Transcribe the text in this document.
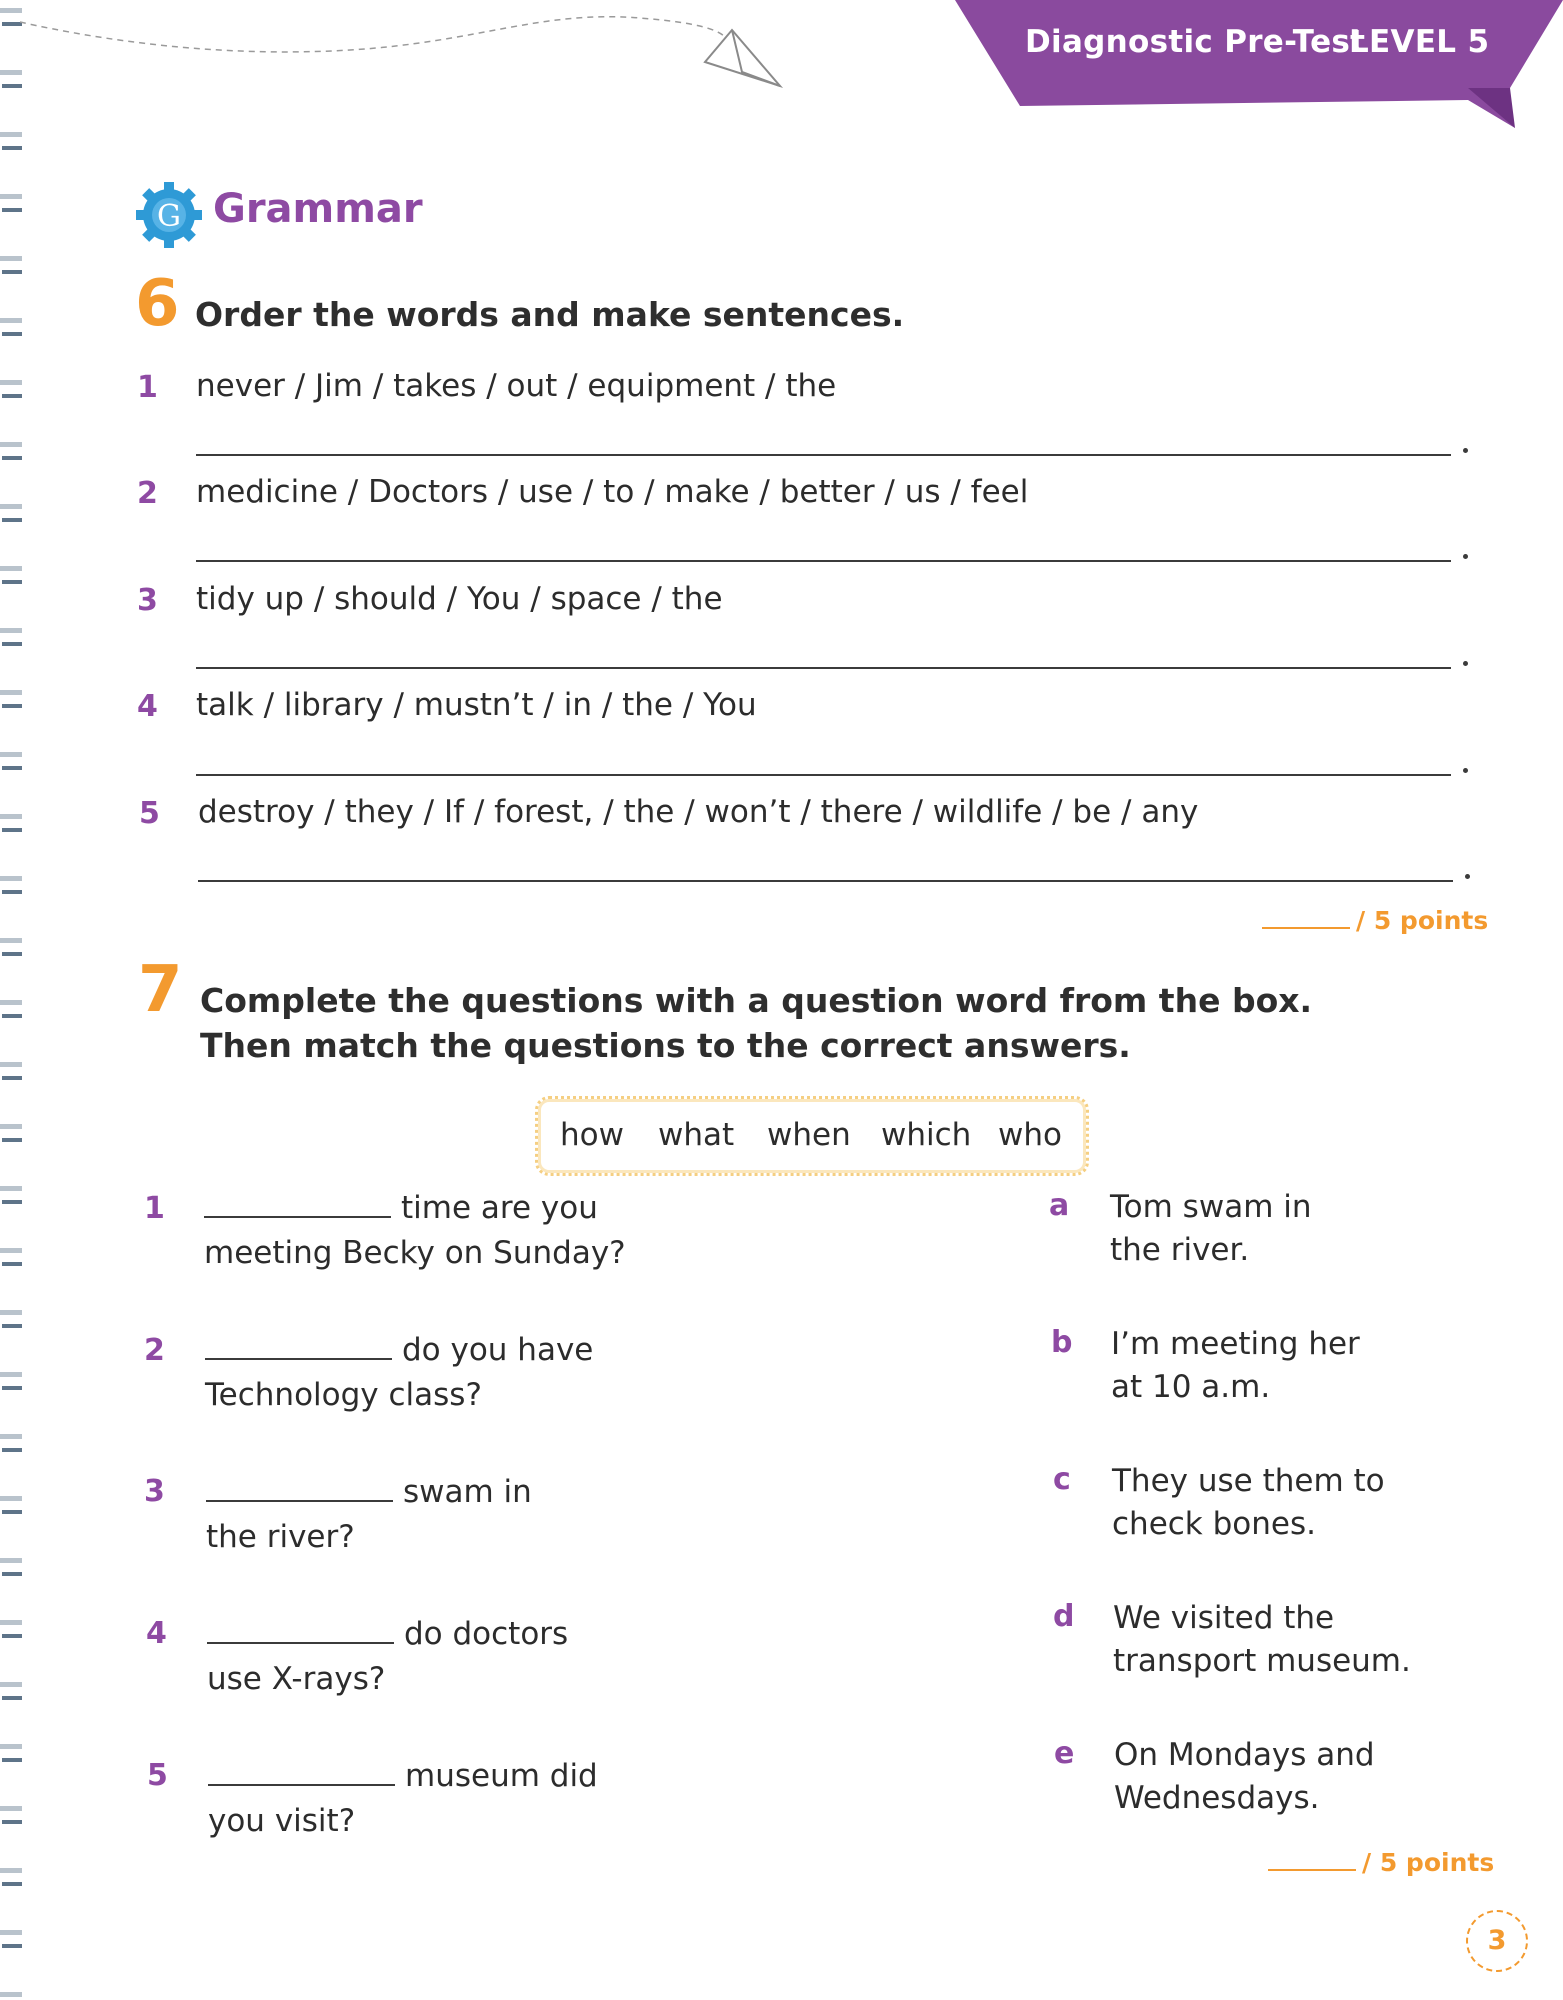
Diagnostic Pre-Test
LEVEL 5
G Grammar
6 Order the words and make sentences.
1 never / Jim / takes / out / equipment / the
2 medicine / Doctors / use / to / make / better / us / feel
3 tidy up / should / You / space / the
4 talk / library / mustn’t / in / the / You
5 destroy / they / If / forest, / the / won’t / there / wildlife / be / any
/ 5 points
7 Complete the questions with a question word from the box.
Then match the questions to the correct answers.
how what when which who
1	time are you
meeting Becky on Sunday?
2	do you have
Technology class?
3	swam in
the river?
4	do doctors
use X-rays?
5	museum did
you visit?
a Tom swam in
the river.
b I’m meeting her
at 10 a.m.
c They use them to
check bones.
d We visited the
transport museum.
e On Mondays and
Wednesdays.
/ 5 points
3
